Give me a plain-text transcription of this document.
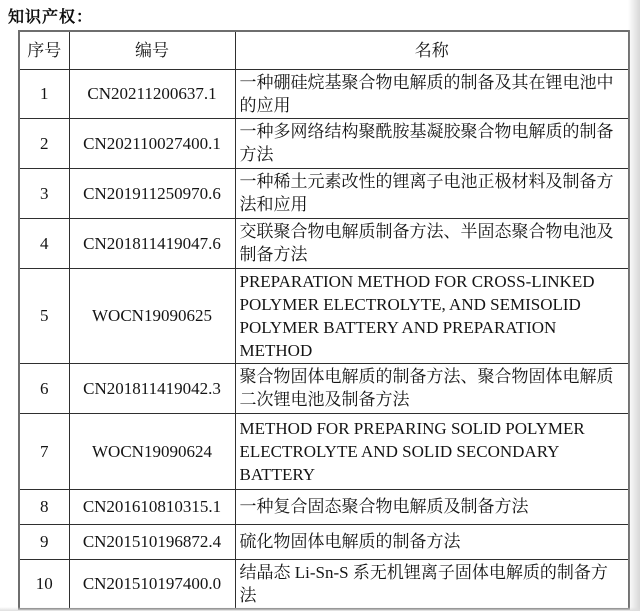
知识产权：
序号	编号	名称
1	CN20211200637.1	一种硼硅烷基聚合物电解质的制备及其在锂电池中的应用
2	CN202110027400.1	一种多网络结构聚酰胺基凝胶聚合物电解质的制备方法
3	CN201911250970.6	一种稀土元素改性的锂离子电池正极材料及制备方法和应用
4	CN201811419047.6	交联聚合物电解质制备方法、半固态聚合物电池及制备方法
5	WOCN19090625	PREPARATION METHOD FOR CROSS-LINKED POLYMER ELECTROLYTE, AND SEMISOLID POLYMER BATTERY AND PREPARATION METHOD
6	CN201811419042.3	聚合物固体电解质的制备方法、聚合物固体电解质二次锂电池及制备方法
7	WOCN19090624	METHOD FOR PREPARING SOLID POLYMER ELECTROLYTE AND SOLID SECONDARY BATTERY
8	CN201610810315.1	一种复合固态聚合物电解质及制备方法
9	CN201510196872.4	硫化物固体电解质的制备方法
10	CN201510197400.0	结晶态 Li-Sn-S 系无机锂离子固体电解质的制备方法
